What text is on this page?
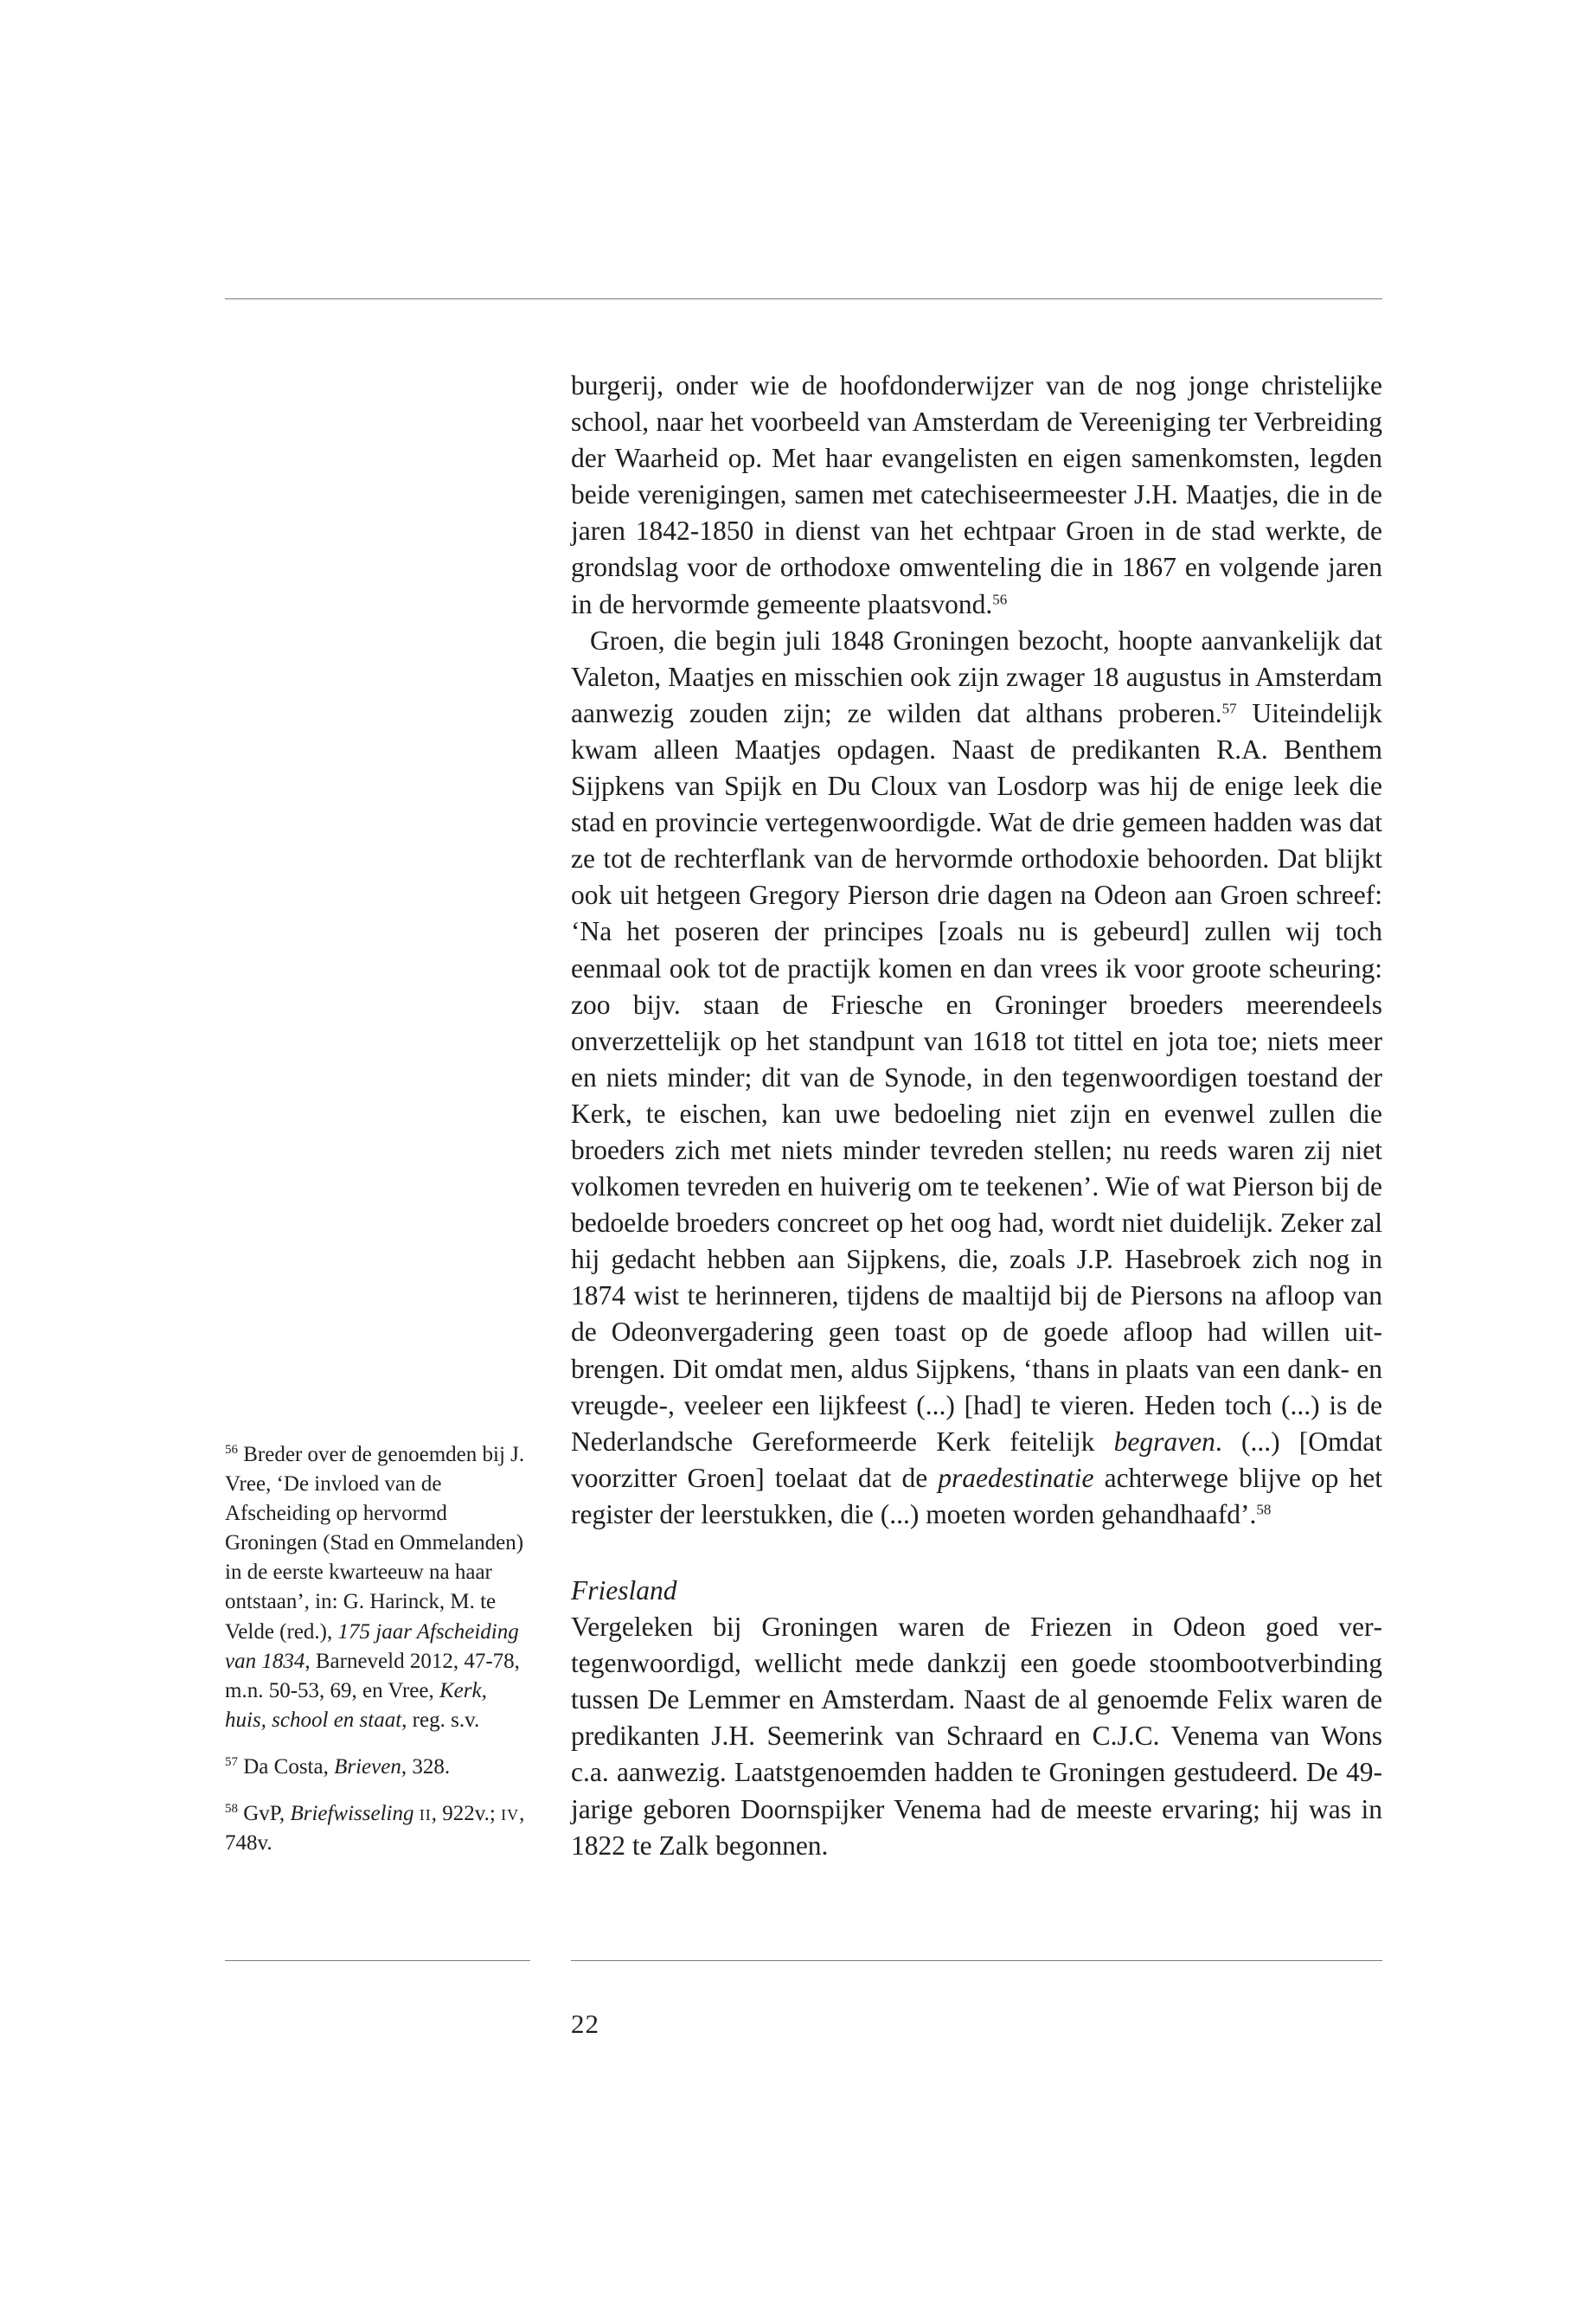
$^{56}$ Breder over de genoemden bij J. Vree, ‘De invloed van de Afscheiding op hervormd Groningen (Stad en Ommelanden) in de eerste kwarteeuw na haar ontstaan’, in: G. Harinck, M. te Velde (red.), 175 jaar Afscheiding van 1834, Barneveld 2012, 47-78, m.n. 50-53, 69, en Vree, Kerk, huis, school en staat, reg. s.v.

$^{57}$ Da Costa, Brieven, 328.

$^{58}$ GvP, Briefwisseling ii, 922v.; iv, 748v.

burgerij, onder wie de hoofdonderwijzer van de nog jonge christelijke school, naar het voorbeeld van Amsterdam de Vereeniging ter Verbreiding der Waarheid op. Met haar evangelisten en eigen samenkomsten, legden beide verenigingen, samen met catechiseermeester J.H. Maatjes, die in de jaren 1842-1850 in dienst van het echtpaar Groen in de stad werkte, de grondslag voor de orthodoxe omwenteling die in 1867 en volgende jaren in de hervormde gemeente plaatsvond.$^{56}$

Groen, die begin juli 1848 Groningen bezocht, hoopte aanvankelijk dat Valeton, Maatjes en misschien ook zijn zwager 18 augustus in Amsterdam aanwezig zouden zijn; ze wilden dat althans proberen.$^{57}$ Uiteindelijk kwam alleen Maatjes opdagen. Naast de predikanten R.A. Benthem Sijpkens van Spijk en Du Cloux van Losdorp was hij de enige leek die stad en provincie vertegenwoordigde. Wat de drie gemeen hadden was dat ze tot de rechterflank van de hervormde orthodoxie behoorden. Dat blijkt ook uit hetgeen Gregory Pierson drie dagen na Odeon aan Groen schreef: ‘Na het poseren der principes [zoals nu is gebeurd] zullen wij toch eenmaal ook tot de practijk komen en dan vrees ik voor groote scheuring: zoo bijv. staan de Friesche en Groninger broeders meerendeels onverzettelijk op het standpunt van 1618 tot tittel en jota toe; niets meer en niets minder; dit van de Synode, in den tegenwoordigen toestand der Kerk, te eischen, kan uwe bedoeling niet zijn en evenwel zullen die broeders zich met niets minder tevreden stellen; nu reeds waren zij niet volkomen tevreden en huiverig om te teekenen’. Wie of wat Pierson bij de bedoelde broeders concreet op het oog had, wordt niet duidelijk. Zeker zal hij gedacht hebben aan Sijpkens, die, zoals J.P. Hasebroek zich nog in 1874 wist te herinneren, tijdens de maaltijd bij de Piersons na afloop van de Odeonvergadering geen toast op de goede afloop had willen uitbrengen. Dit omdat men, aldus Sijpkens, ‘thans in plaats van een dank- en vreugde-, veeleer een lijkfeest (...) [had] te vieren. Heden toch (...) is de Nederlandsche Gereformeerde Kerk feitelijk begraven. (...) [Omdat voorzitter Groen] toelaat dat de praedestinatie achterwege blijve op het register der leerstukken, die (...) moeten worden gehandhaafd’.$^{58}$

Friesland

Vergeleken bij Groningen waren de Friezen in Odeon goed vertegenwoordigd, wellicht mede dankzij een goede stoombootverbinding tussen De Lemmer en Amsterdam. Naast de al genoemde Felix waren de predikanten J.H. Seemerink van Schraard en C.J.C. Venema van Wons c.a. aanwezig. Laatstgenoemden hadden te Groningen gestudeerd. De 49-jarige geboren Doornspijker Venema had de meeste ervaring; hij was in 1822 te Zalk begonnen.

22
